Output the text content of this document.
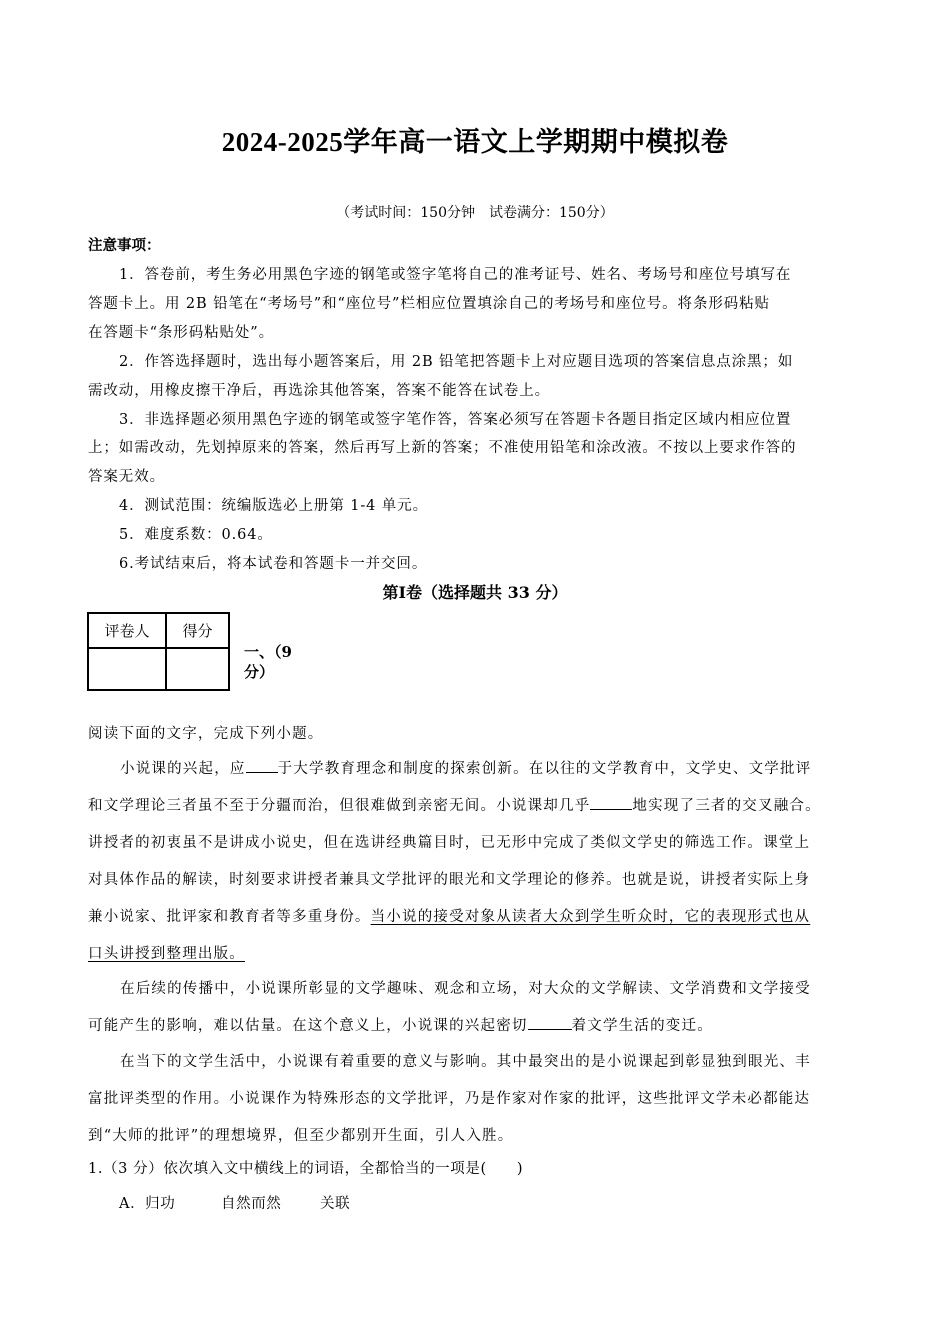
2024-2025学年高一语文上学期期中模拟卷
（考试时间：150分钟　试卷满分：150分）
注意事项：
1．答卷前，考生务必用黑色字迹的钢笔或签字笔将自己的准考证号、姓名、考场号和座位号填写在
答题卡上。用 2B 铅笔在“考场号”和“座位号”栏相应位置填涂自己的考场号和座位号。将条形码粘贴
在答题卡“条形码粘贴处”。
2．作答选择题时，选出每小题答案后，用 2B 铅笔把答题卡上对应题目选项的答案信息点涂黑；如
需改动，用橡皮擦干净后，再选涂其他答案，答案不能答在试卷上。
3．非选择题必须用黑色字迹的钢笔或签字笔作答，答案必须写在答题卡各题目指定区域内相应位置
上；如需改动，先划掉原来的答案，然后再写上新的答案；不准使用铅笔和涂改液。不按以上要求作答的
答案无效。
4．测试范围：统编版选必上册第 1-4 单元。
5．难度系数：0.64。
6.考试结束后，将本试卷和答题卡一并交回。
第Ⅰ卷（选择题共 33 分）
评卷人	得分

一、（9 分）
阅读下面的文字，完成下列小题。
小说课的兴起，应 于大学教育理念和制度的探索创新。在以往的文学教育中，文学史、文学批评
和文学理论三者虽不至于分疆而治，但很难做到亲密无间。小说课却几乎	地实现了三者的交叉融合。
讲授者的初衷虽不是讲成小说史，但在选讲经典篇目时，已无形中完成了类似文学史的筛选工作。课堂上
对具体作品的解读，时刻要求讲授者兼具文学批评的眼光和文学理论的修养。也就是说，讲授者实际上身
兼小说家、批评家和教育者等多重身份。当小说的接受对象从读者大众到学生听众时，它的表现形式也从
口头讲授到整理出版。
在后续的传播中，小说课所彰显的文学趣味、观念和立场，对大众的文学解读、文学消费和文学接受
可能产生的影响，难以估量。在这个意义上，小说课的兴起密切	着文学生活的变迁。
在当下的文学生活中，小说课有着重要的意义与影响。其中最突出的是小说课起到彰显独到眼光、丰
富批评类型的作用。小说课作为特殊形态的文学批评，乃是作家对作家的批评，这些批评文学未必都能达
到“大师的批评”的理想境界，但至少都别开生面，引人入胜。
1.（3 分）依次填入文中横线上的词语，全都恰当的一项是(　　)
A．归功	自然而然	关联
